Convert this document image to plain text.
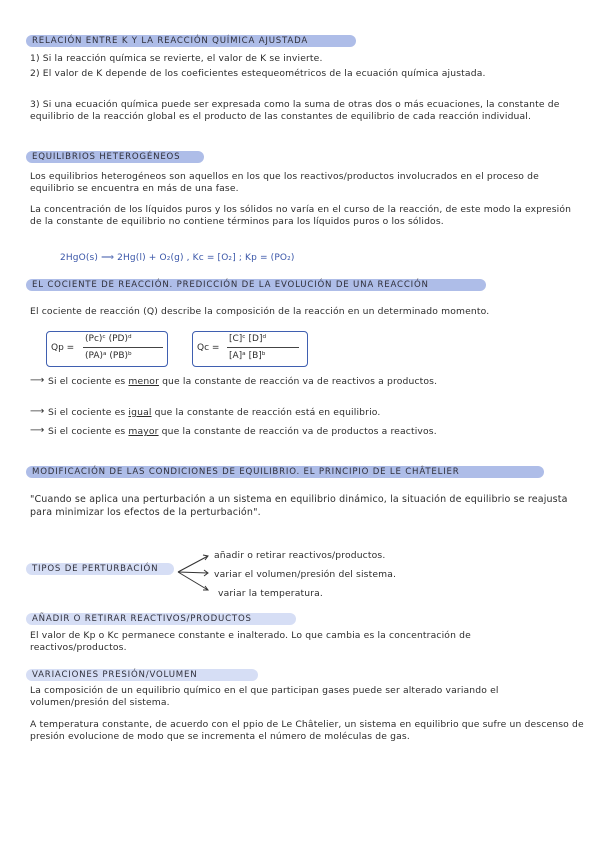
RELACIÓN ENTRE K Y LA REACCIÓN QUÍMICA AJUSTADA
1) Si la reacción química se revierte, el valor de K se invierte.
2) El valor de K depende de los coeficientes estequeométricos de la ecuación química ajustada.
3) Si una ecuación química puede ser expresada como la suma de otras dos o más ecuaciones, la constante de equilibrio de la reacción global es el producto de las constantes de equilibrio de cada reacción individual.
EQUILIBRIOS HETEROGÉNEOS
Los equilibrios heterogéneos son aquellos en los que los reactivos/productos involucrados en el proceso de equilibrio se encuentra en más de una fase.
La concentración de los líquidos puros y los sólidos no varía en el curso de la reacción, de este modo la expresión de la constante de equilibrio no contiene términos para los líquidos puros o los sólidos.
2HgO(s) ⟹ 2Hg(l) + O₂(g) , Kc = [O₂] ; Kp = (PO₂)
EL COCIENTE DE REACCIÓN. PREDICCIÓN DE LA EVOLUCIÓN DE UNA REACCIÓN
El cociente de reacción (Q) describe la composición de la reacción en un determinado momento.
Qp =
(Pc)ᶜ (PD)ᵈ
(PA)ᵃ (PB)ᵇ
Qc =
[C]ᶜ [D]ᵈ
[A]ᵃ [B]ᵇ
⟶ Si el cociente es menor que la constante de reacción va de reactivos a productos.
⟶ Si el cociente es igual que la constante de reacción está en equilibrio.
⟶ Si el cociente es mayor que la constante de reacción va de productos a reactivos.
MODIFICACIÓN DE LAS CONDICIONES DE EQUILIBRIO. EL PRINCIPIO DE LE CHÂTELIER
"Cuando se aplica una perturbación a un sistema en equilibrio dinámico, la situación de equilibrio se reajusta para minimizar los efectos de la perturbación".
TIPOS DE PERTURBACIÓN
añadir o retirar reactivos/productos.
variar el volumen/presión del sistema.
variar la temperatura.
AÑADIR O RETIRAR REACTIVOS/PRODUCTOS
El valor de Kp o Kc permanece constante e inalterado. Lo que cambia es la concentración de reactivos/productos.
VARIACIONES PRESIÓN/VOLUMEN
La composición de un equilibrio químico en el que participan gases puede ser alterado variando el volumen/presión del sistema.
A temperatura constante, de acuerdo con el ppio de Le Châtelier, un sistema en equilibrio que sufre un descenso de presión evolucione de modo que se incrementa el número de moléculas de gas.
